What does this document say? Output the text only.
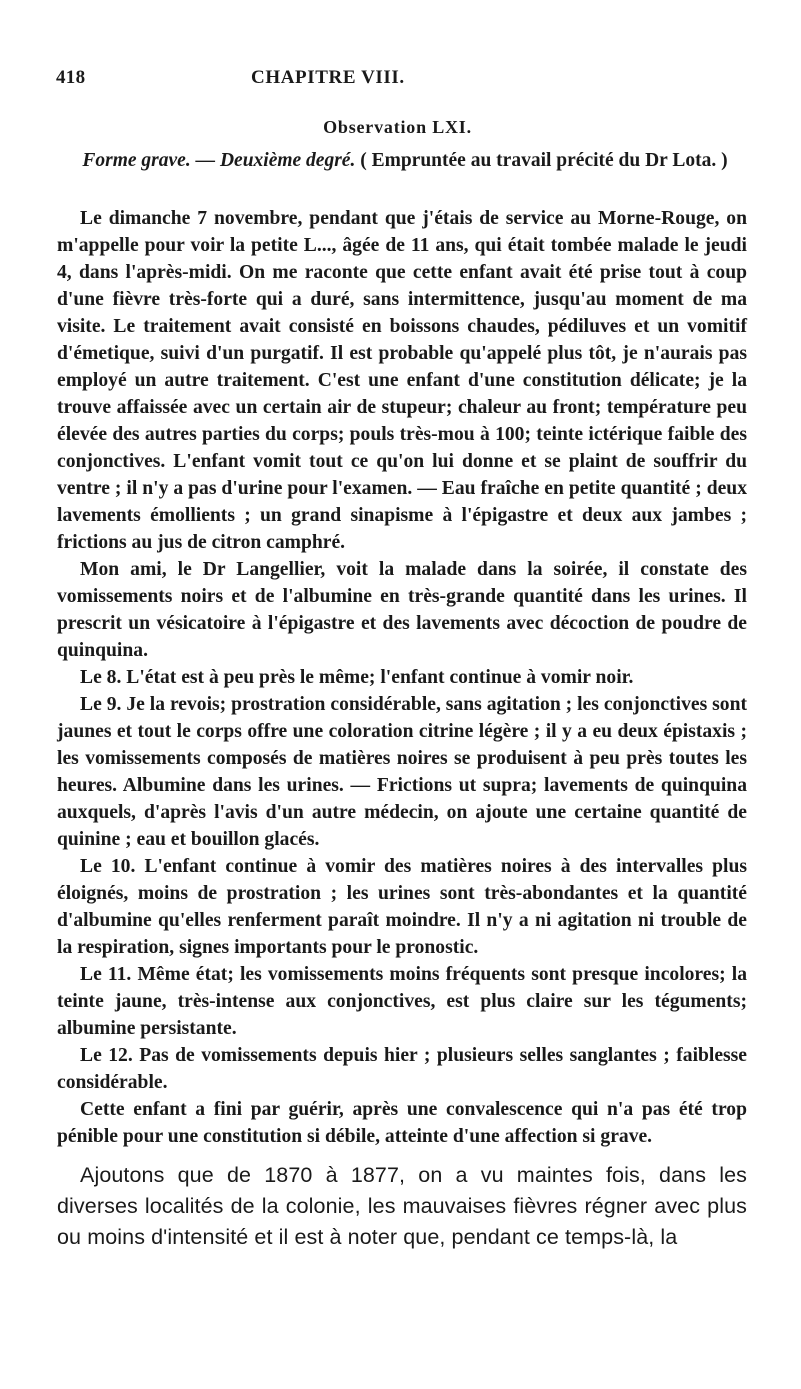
418	CHAPITRE VIII.
Observation LXI.
Forme grave. — Deuxième degré. ( Empruntée au travail précité du Dr Lota. )

Le dimanche 7 novembre, pendant que j'étais de service au Morne-Rouge, on m'appelle pour voir la petite L..., âgée de 11 ans, qui était tombée malade le jeudi 4, dans l'après-midi. On me raconte que cette enfant avait été prise tout à coup d'une fièvre très-forte qui a duré, sans intermittence, jusqu'au moment de ma visite. Le traitement avait consisté en boissons chaudes, pédiluves et un vomitif d'émetique, suivi d'un purgatif. Il est probable qu'appelé plus tôt, je n'aurais pas employé un autre traitement. C'est une enfant d'une constitution délicate; je la trouve affaissée avec un certain air de stupeur; chaleur au front; température peu élevée des autres parties du corps; pouls très-mou à 100; teinte ictérique faible des conjonctives. L'enfant vomit tout ce qu'on lui donne et se plaint de souffrir du ventre ; il n'y a pas d'urine pour l'examen. — Eau fraîche en petite quantité ; deux lavements émollients ; un grand sinapisme à l'épigastre et deux aux jambes ; frictions au jus de citron camphré.

Mon ami, le Dr Langellier, voit la malade dans la soirée, il constate des vomissements noirs et de l'albumine en très-grande quantité dans les urines. Il prescrit un vésicatoire à l'épigastre et des lavements avec décoction de poudre de quinquina.

Le 8. L'état est à peu près le même; l'enfant continue à vomir noir.

Le 9. Je la revois; prostration considérable, sans agitation ; les conjonctives sont jaunes et tout le corps offre une coloration citrine légère ; il y a eu deux épistaxis ; les vomissements composés de matières noires se produisent à peu près toutes les heures. Albumine dans les urines. — Frictions ut supra; lavements de quinquina auxquels, d'après l'avis d'un autre médecin, on ajoute une certaine quantité de quinine ; eau et bouillon glacés.

Le 10. L'enfant continue à vomir des matières noires à des intervalles plus éloignés, moins de prostration ; les urines sont très-abondantes et la quantité d'albumine qu'elles renferment paraît moindre. Il n'y a ni agitation ni trouble de la respiration, signes importants pour le pronostic.

Le 11. Même état; les vomissements moins fréquents sont presque incolores; la teinte jaune, très-intense aux conjonctives, est plus claire sur les téguments; albumine persistante.

Le 12. Pas de vomissements depuis hier ; plusieurs selles sanglantes ; faiblesse considérable.

Cette enfant a fini par guérir, après une convalescence qui n'a pas été trop pénible pour une constitution si débile, atteinte d'une affection si grave.

Ajoutons que de 1870 à 1877, on a vu maintes fois, dans les diverses localités de la colonie, les mauvaises fièvres régner avec plus ou moins d'intensité et il est à noter que, pendant ce temps-là, la
